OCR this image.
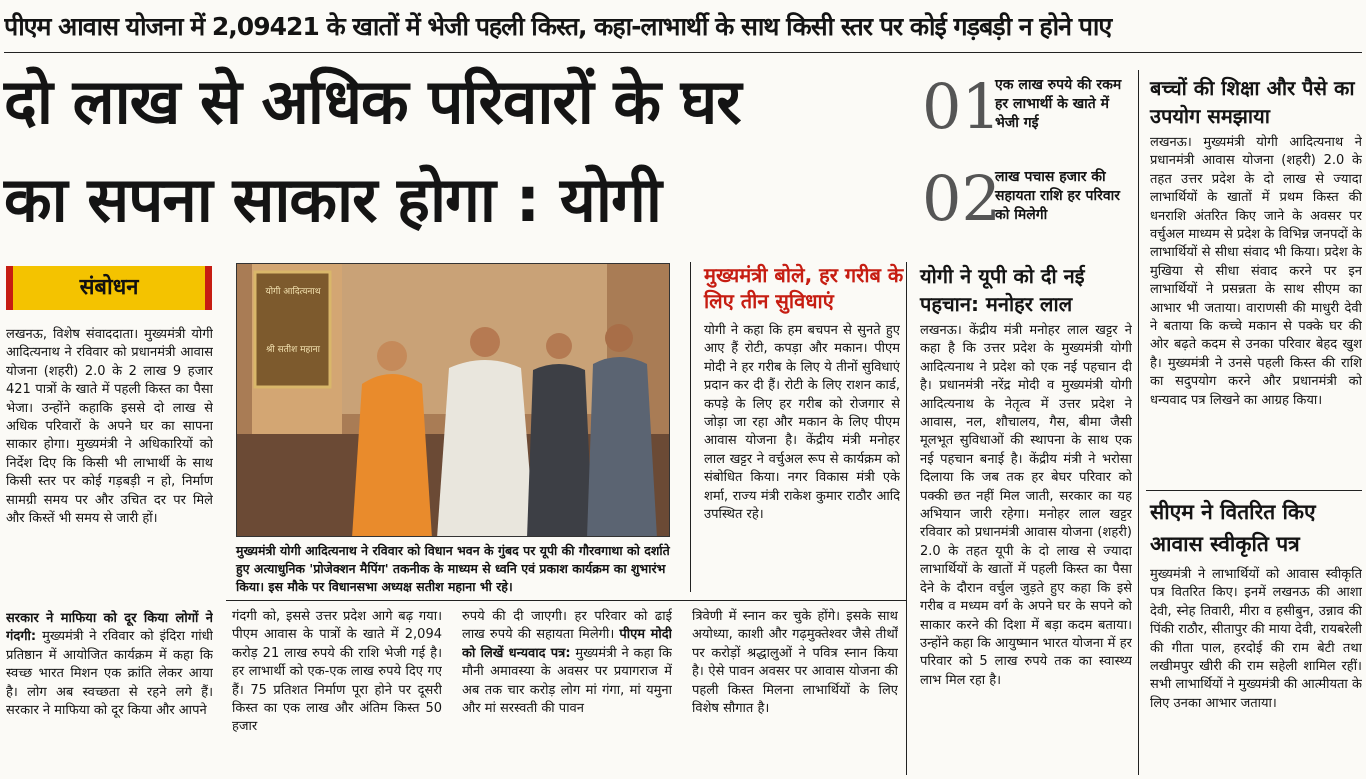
पीएम आवास योजना में 2,09421 के खातों में भेजी पहली किस्त, कहा-लाभार्थी के साथ किसी स्तर पर कोई गड़बड़ी न होने पाए
दो लाख से अधिक परिवारों के घर
का सपना साकार होगा : योगी
01
एक लाख रुपये की रकम हर लाभार्थी के खाते में भेजी गई
02
लाख पचास हजार की सहायता राशि हर परिवार को मिलेगी
संबोधन
लखनऊ, विशेष संवाददाता। मुख्यमंत्री योगी आदित्यनाथ ने रविवार को प्रधानमंत्री आवास योजना (शहरी) 2.0 के 2 लाख 9 हजार 421 पात्रों के खाते में पहली किस्त का पैसा भेजा। उन्होंने कहाकि इससे दो लाख से अधिक परिवारों के अपने घर का सापना साकार होगा। मुख्यमंत्री ने अधिकारियों को निर्देश दिए कि किसी भी लाभार्थी के साथ किसी स्तर पर कोई गड़बड़ी न हो, निर्माण सामग्री समय पर और उचित दर पर मिले और किस्तें भी समय से जारी हों।
सरकार ने माफिया को दूर किया लोगों ने गंदगी: मुख्यमंत्री ने रविवार को इंदिरा गांधी प्रतिष्ठान में आयोजित कार्यक्रम में कहा कि स्वच्छ भारत मिशन एक क्रांति लेकर आया है। लोग अब स्वच्छता से रहने लगे हैं। सरकार ने माफिया को दूर किया और आपने
योगी आदित्यनाथ
श्री सतीश महाना
मुख्यमंत्री योगी आदित्यनाथ ने रविवार को विधान भवन के गुंबद पर यूपी की गौरवगाथा को दर्शाते हुए अत्याधुनिक 'प्रोजेक्शन मैपिंग' तकनीक के माध्यम से ध्वनि एवं प्रकाश कार्यक्रम का शुभारंभ किया। इस मौके पर विधानसभा अध्यक्ष सतीश महाना भी रहे।
मुख्यमंत्री बोले, हर गरीब के लिए तीन सुविधाएं
योगी ने कहा कि हम बचपन से सुनते हुए आए हैं रोटी, कपड़ा और मकान। पीएम मोदी ने हर गरीब के लिए ये तीनों सुविधाएं प्रदान कर दी हैं। रोटी के लिए राशन कार्ड, कपड़े के लिए हर गरीब को रोजगार से जोड़ा जा रहा और मकान के लिए पीएम आवास योजना है। केंद्रीय मंत्री मनोहर लाल खट्टर ने वर्चुअल रूप से कार्यक्रम को संबोधित किया। नगर विकास मंत्री एके शर्मा, राज्य मंत्री राकेश कुमार राठौर आदि उपस्थित रहे।
गंदगी को, इससे उत्तर प्रदेश आगे बढ़ गया। पीएम आवास के पात्रों के खाते में 2,094 करोड़ 21 लाख रुपये की राशि भेजी गई है। हर लाभार्थी को एक-एक लाख रुपये दिए गए हैं। 75 प्रतिशत निर्माण पूरा होने पर दूसरी किस्त का एक लाख और अंतिम किस्त 50 हजार
रुपये की दी जाएगी। हर परिवार को ढाई लाख रुपये की सहायता मिलेगी। पीएम मोदी को लिखें धन्यवाद पत्र: मुख्यमंत्री ने कहा कि मौनी अमावस्या के अवसर पर प्रयागराज में अब तक चार करोड़ लोग मां गंगा, मां यमुना और मां सरस्वती की पावन
त्रिवेणी में स्नान कर चुके होंगे। इसके साथ अयोध्या, काशी और गढ़मुक्तेश्वर जैसे तीर्थों पर करोड़ों श्रद्धालुओं ने पवित्र स्नान किया है। ऐसे पावन अवसर पर आवास योजना की पहली किस्त मिलना लाभार्थियों के लिए विशेष सौगात है।
योगी ने यूपी को दी नई पहचान: मनोहर लाल
लखनऊ। केंद्रीय मंत्री मनोहर लाल खट्टर ने कहा है कि उत्तर प्रदेश के मुख्यमंत्री योगी आदित्यनाथ ने प्रदेश को एक नई पहचान दी है। प्रधानमंत्री नरेंद्र मोदी व मुख्यमंत्री योगी आदित्यनाथ के नेतृत्व में उत्तर प्रदेश ने आवास, नल, शौचालय, गैस, बीमा जैसी मूलभूत सुविधाओं की स्थापना के साथ एक नई पहचान बनाई है। केंद्रीय मंत्री ने भरोसा दिलाया कि जब तक हर बेघर परिवार को पक्की छत नहीं मिल जाती, सरकार का यह अभियान जारी रहेगा। मनोहर लाल खट्टर रविवार को प्रधानमंत्री आवास योजना (शहरी) 2.0 के तहत यूपी के दो लाख से ज्यादा लाभार्थियों के खातों में पहली किस्त का पैसा देने के दौरान वर्चुल जुड़ते हुए कहा कि इसे गरीब व मध्यम वर्ग के अपने घर के सपने को साकार करने की दिशा में बड़ा कदम बताया। उन्होंने कहा कि आयुष्मान भारत योजना में हर परिवार को 5 लाख रुपये तक का स्वास्थ्य लाभ मिल रहा है।
बच्चों की शिक्षा और पैसे का उपयोग समझाया
लखनऊ। मुख्यमंत्री योगी आदित्यनाथ ने प्रधानमंत्री आवास योजना (शहरी) 2.0 के तहत उत्तर प्रदेश के दो लाख से ज्यादा लाभार्थियों के खातों में प्रथम किस्त की धनराशि अंतरित किए जाने के अवसर पर वर्चुअल माध्यम से प्रदेश के विभिन्न जनपदों के लाभार्थियों से सीधा संवाद भी किया। प्रदेश के मुखिया से सीधा संवाद करने पर इन लाभार्थियों ने प्रसन्नता के साथ सीएम का आभार भी जताया। वाराणसी की माधुरी देवी ने बताया कि कच्चे मकान से पक्के घर की ओर बढ़ते कदम से उनका परिवार बेहद खुश है। मुख्यमंत्री ने उनसे पहली किस्त की राशि का सदुपयोग करने और प्रधानमंत्री को धन्यवाद पत्र लिखने का आग्रह किया।
सीएम ने वितरित किए आवास स्वीकृति पत्र
मुख्यमंत्री ने लाभार्थियों को आवास स्वीकृति पत्र वितरित किए। इनमें लखनऊ की आशा देवी, स्नेह तिवारी, मीरा व हसीबुन, उन्नाव की पिंकी राठौर, सीतापुर की माया देवी, रायबरेली की गीता पाल, हरदोई की राम बेटी तथा लखीमपुर खीरी की राम सहेली शामिल रहीं। सभी लाभार्थियों ने मुख्यमंत्री की आत्मीयता के लिए उनका आभार जताया।
